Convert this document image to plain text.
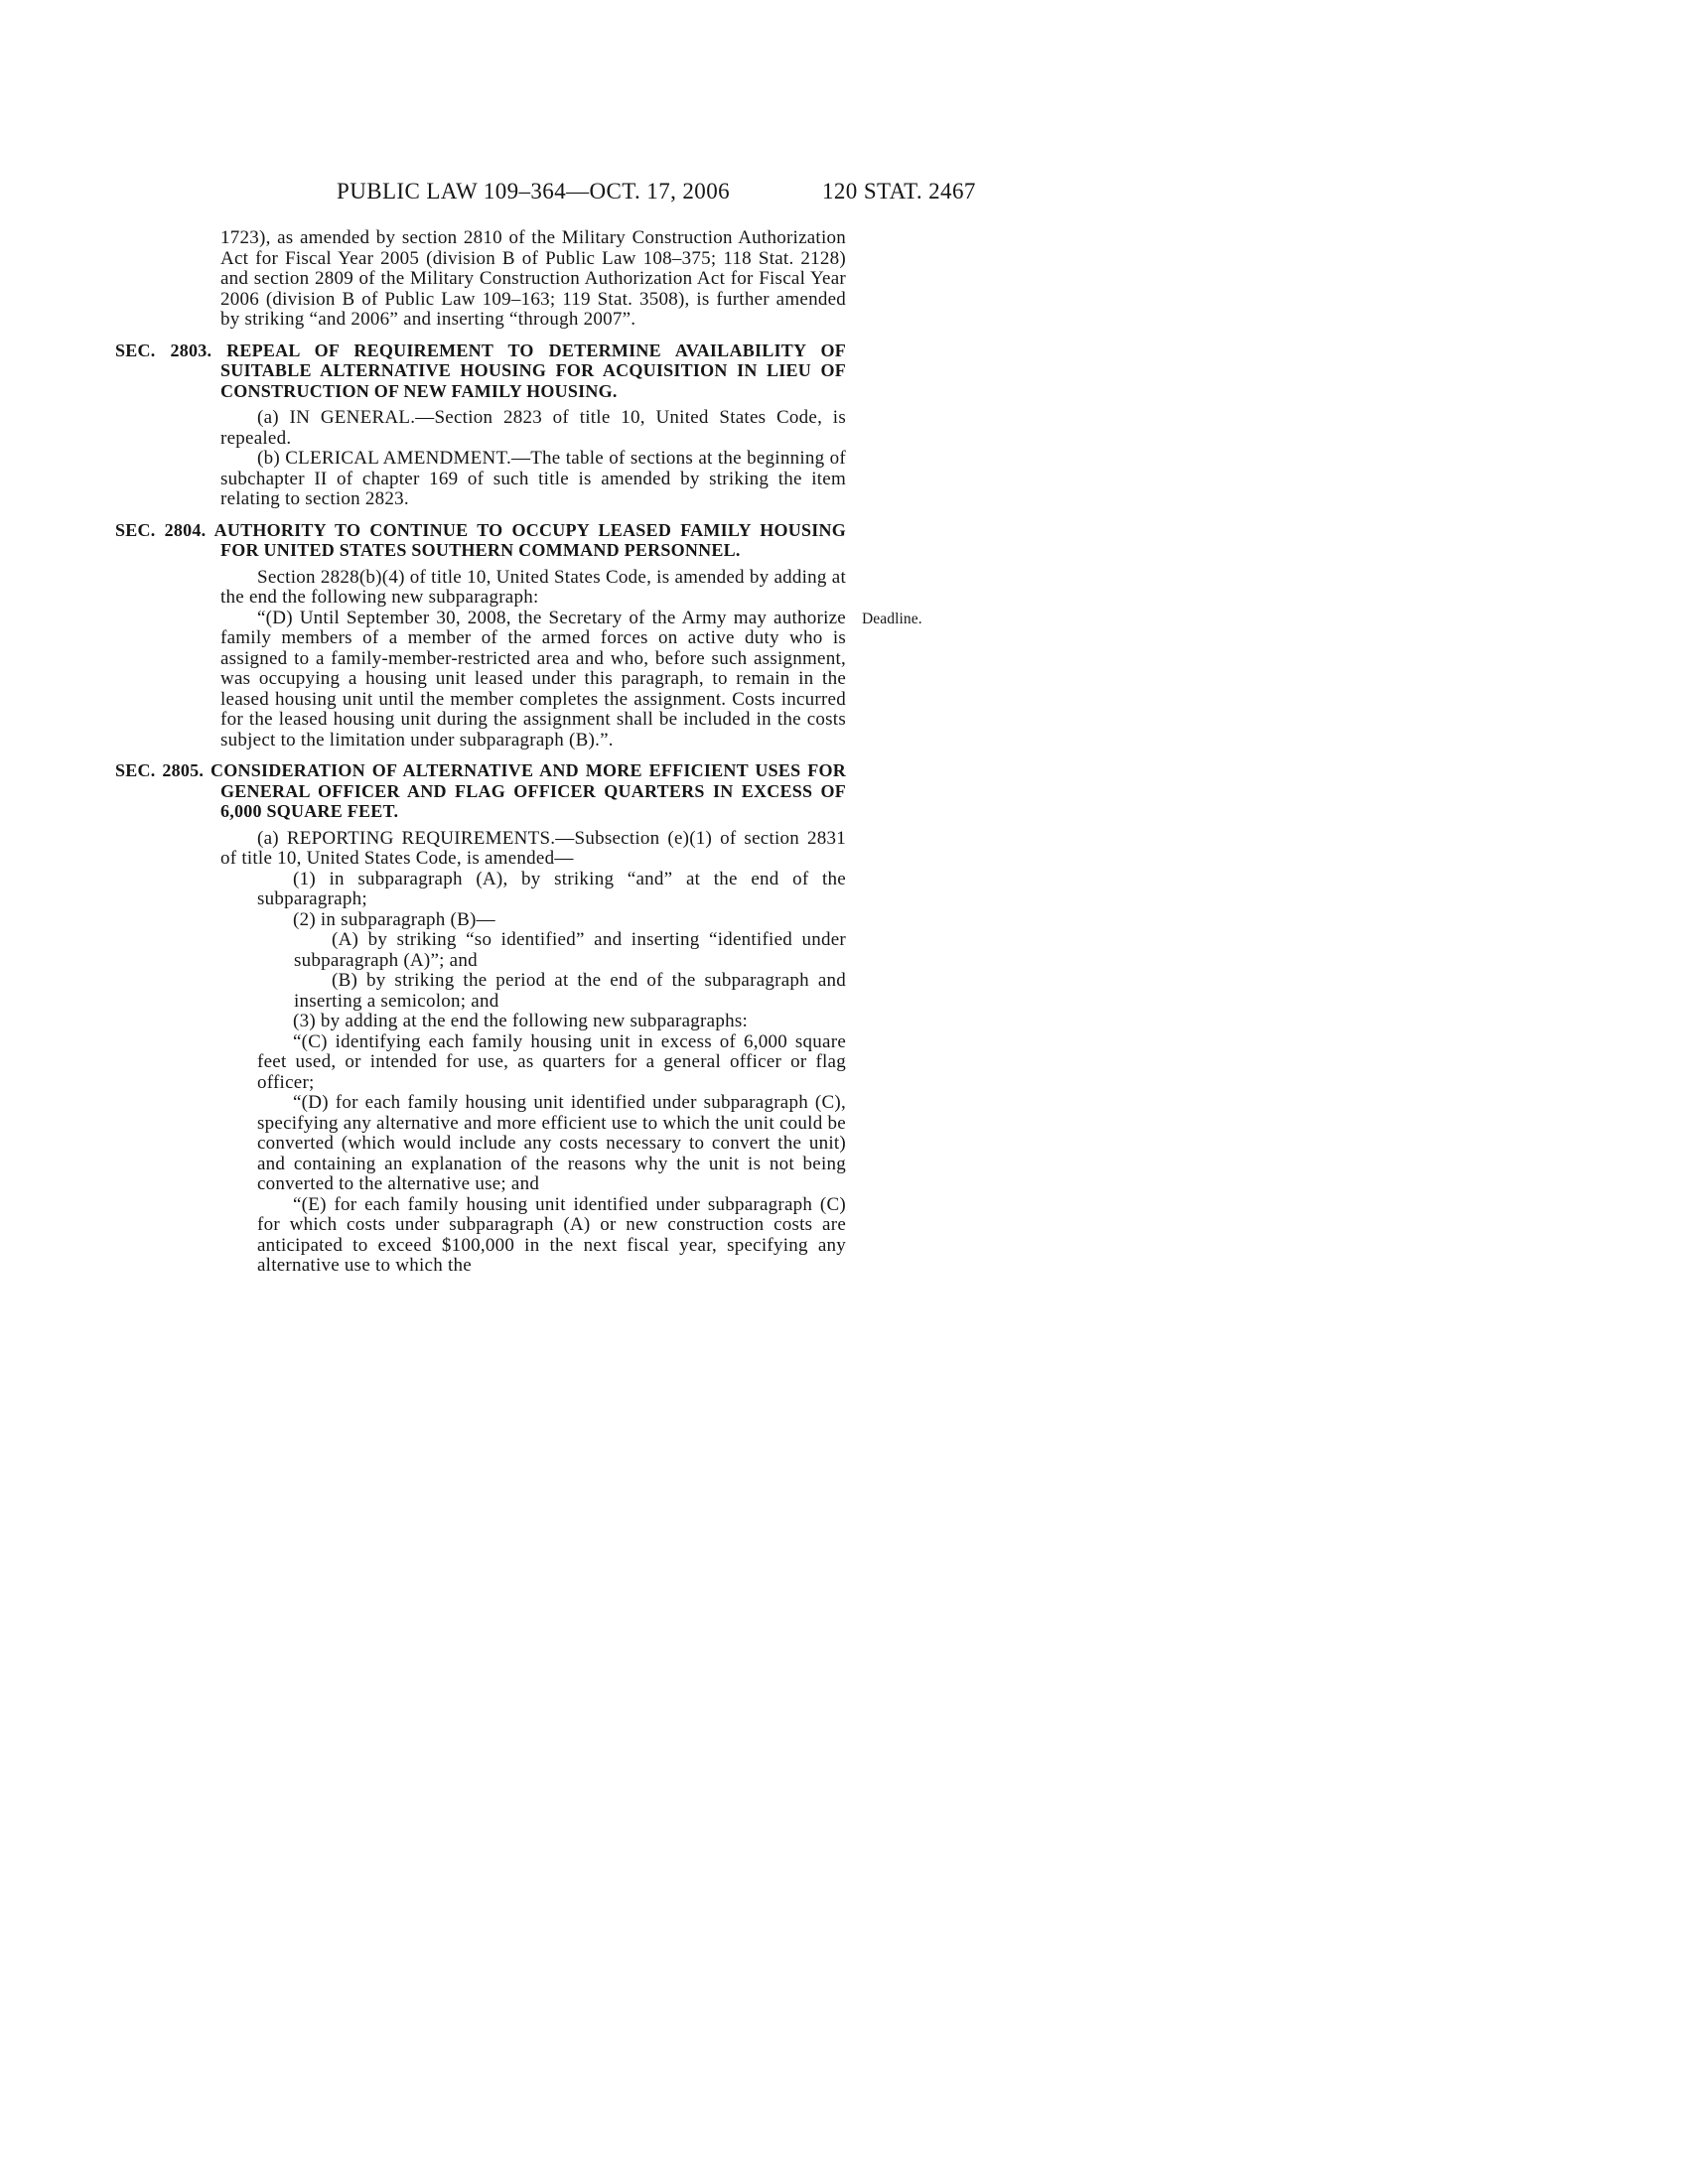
PUBLIC LAW 109–364—OCT. 17, 2006	120 STAT. 2467

1723), as amended by section 2810 of the Military Construction Authorization Act for Fiscal Year 2005 (division B of Public Law 108–375; 118 Stat. 2128) and section 2809 of the Military Construction Authorization Act for Fiscal Year 2006 (division B of Public Law 109–163; 119 Stat. 3508), is further amended by striking “and 2006” and inserting “through 2007”.

SEC. 2803. REPEAL OF REQUIREMENT TO DETERMINE AVAILABILITY OF SUITABLE ALTERNATIVE HOUSING FOR ACQUISITION IN LIEU OF CONSTRUCTION OF NEW FAMILY HOUSING.

(a) IN GENERAL.—Section 2823 of title 10, United States Code, is repealed.

(b) CLERICAL AMENDMENT.—The table of sections at the beginning of subchapter II of chapter 169 of such title is amended by striking the item relating to section 2823.

SEC. 2804. AUTHORITY TO CONTINUE TO OCCUPY LEASED FAMILY HOUSING FOR UNITED STATES SOUTHERN COMMAND PERSONNEL.

Section 2828(b)(4) of title 10, United States Code, is amended by adding at the end the following new subparagraph:

“(D) Until September 30, 2008, the Secretary of the Army may authorize family members of a member of the armed forces on active duty who is assigned to a family-member-restricted area and who, before such assignment, was occupying a housing unit leased under this paragraph, to remain in the leased housing unit until the member completes the assignment. Costs incurred for the leased housing unit during the assignment shall be included in the costs subject to the limitation under subparagraph (B).”.
Deadline.

SEC. 2805. CONSIDERATION OF ALTERNATIVE AND MORE EFFICIENT USES FOR GENERAL OFFICER AND FLAG OFFICER QUARTERS IN EXCESS OF 6,000 SQUARE FEET.

(a) REPORTING REQUIREMENTS.—Subsection (e)(1) of section 2831 of title 10, United States Code, is amended—

(1) in subparagraph (A), by striking “and” at the end of the subparagraph;

(2) in subparagraph (B)—

(A) by striking “so identified” and inserting “identified under subparagraph (A)”; and

(B) by striking the period at the end of the subparagraph and inserting a semicolon; and

(3) by adding at the end the following new subparagraphs:

“(C) identifying each family housing unit in excess of 6,000 square feet used, or intended for use, as quarters for a general officer or flag officer;

“(D) for each family housing unit identified under subparagraph (C), specifying any alternative and more efficient use to which the unit could be converted (which would include any costs necessary to convert the unit) and containing an explanation of the reasons why the unit is not being converted to the alternative use; and

“(E) for each family housing unit identified under subparagraph (C) for which costs under subparagraph (A) or new construction costs are anticipated to exceed $100,000 in the next fiscal year, specifying any alternative use to which the
